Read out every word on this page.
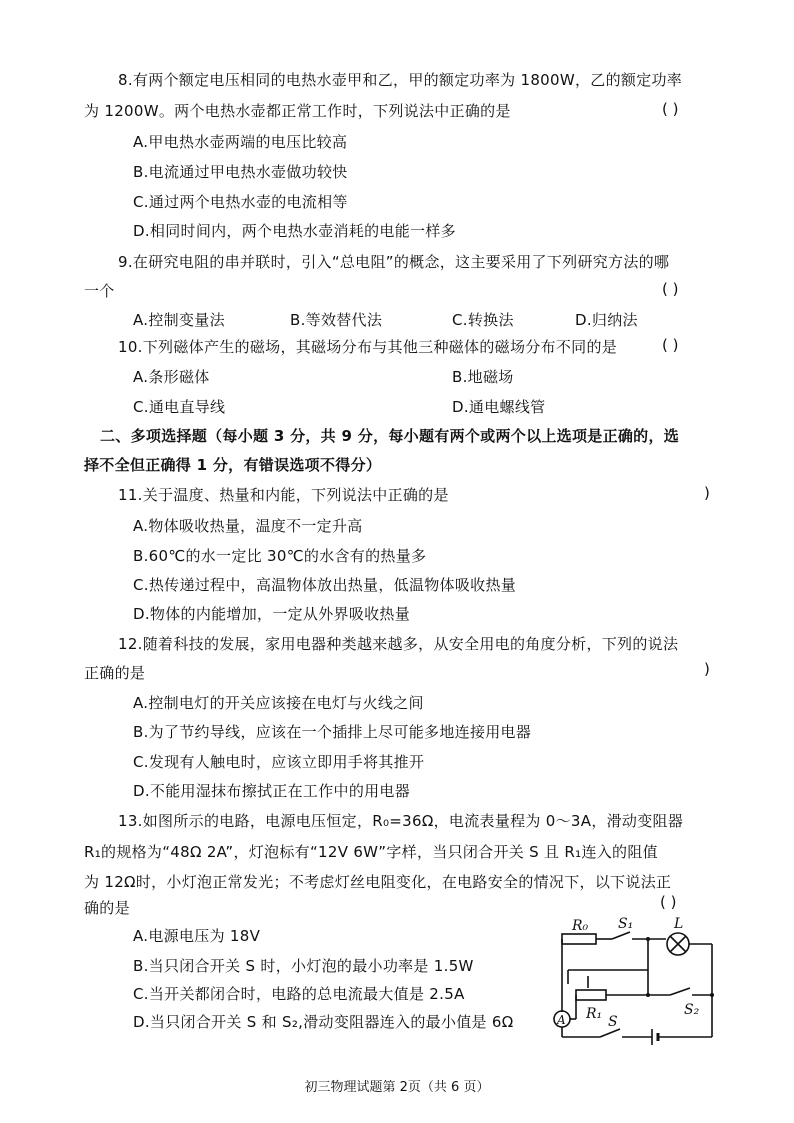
8.有两个额定电压相同的电热水壶甲和乙，甲的额定功率为 1800W，乙的额定功率
为 1200W。两个电热水壶都正常工作时，下列说法中正确的是	( )
A.甲电热水壶两端的电压比较高
B.电流通过甲电热水壶做功较快
C.通过两个电热水壶的电流相等
D.相同时间内，两个电热水壶消耗的电能一样多
9.在研究电阻的串并联时，引入“总电阻”的概念，这主要采用了下列研究方法的哪
一个	( )
A.控制变量法	B.等效替代法	C.转换法	D.归纳法
10.下列磁体产生的磁场，其磁场分布与其他三种磁体的磁场分布不同的是	( )
A.条形磁体	B.地磁场
C.通电直导线	D.通电螺线管
二、多项选择题（每小题 3 分，共 9 分，每小题有两个或两个以上选项是正确的，选
择不全但正确得 1 分，有错误选项不得分）
11.关于温度、热量和内能，下列说法中正确的是	)
A.物体吸收热量，温度不一定升高
B.60℃的水一定比 30℃的水含有的热量多
C.热传递过程中，高温物体放出热量，低温物体吸收热量
D.物体的内能增加，一定从外界吸收热量
12.随着科技的发展，家用电器种类越来越多，从安全用电的角度分析，下列的说法
正确的是	)
A.控制电灯的开关应该接在电灯与火线之间
B.为了节约导线，应该在一个插排上尽可能多地连接用电器
C.发现有人触电时，应该立即用手将其推开
D.不能用湿抹布擦拭正在工作中的用电器
13.如图所示的电路，电源电压恒定，R₀=36Ω，电流表量程为 0～3A，滑动变阻器
R₁的规格为“48Ω 2A”，灯泡标有“12V 6W”字样，当只闭合开关 S 且 R₁连入的阻值
为 12Ω时，小灯泡正常发光；不考虑灯丝电阻变化，在电路安全的情况下，以下说法正
确的是	( )
A.电源电压为 18V
B.当只闭合开关 S 时，小灯泡的最小功率是 1.5W
C.当开关都闭合时，电路的总电流最大值是 2.5A
D.当只闭合开关 S 和 S₂,滑动变阻器连入的最小值是 6Ω
R₀ S₁	L
A R₁	S₂
S
初三物理试题第 2页（共 6 页）
